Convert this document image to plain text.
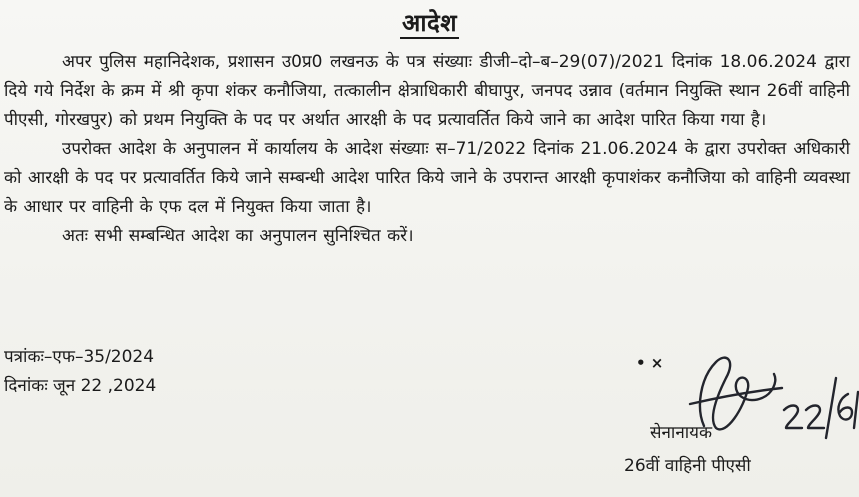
आदेश

अपर पुलिस महानिदेशक, प्रशासन उ0प्र0 लखनऊ के पत्र संख्याः डीजी–दो–ब–29(07)/2021 दिनांक 18.06.2024 द्वारा दिये गये निर्देश के क्रम में श्री कृपा शंकर कनौजिया, तत्कालीन क्षेत्राधिकारी बीघापुर, जनपद उन्नाव (वर्तमान नियुक्ति स्थान 26वीं वाहिनी पीएसी, गोरखपुर) को प्रथम नियुक्ति के पद पर अर्थात आरक्षी के पद प्रत्यावर्तित किये जाने का आदेश पारित किया गया है।

उपरोक्त आदेश के अनुपालन में कार्यालय के आदेश संख्याः स–71/2022 दिनांक 21.06.2024 के द्वारा उपरोक्त अधिकारी को आरक्षी के पद पर प्रत्यावर्तित किये जाने सम्बन्धी आदेश पारित किये जाने के उपरान्त आरक्षी कृपाशंकर कनौजिया को वाहिनी व्यवस्था के आधार पर वाहिनी के एफ दल में नियुक्त किया जाता है।

अतः सभी सम्बन्धित आदेश का अनुपालन सुनिश्चित करें।

पत्रांकः–एफ–35/2024
दिनांकः जून 22 ,2024
• ×
सेनानायक
26वीं वाहिनी पीएसी
